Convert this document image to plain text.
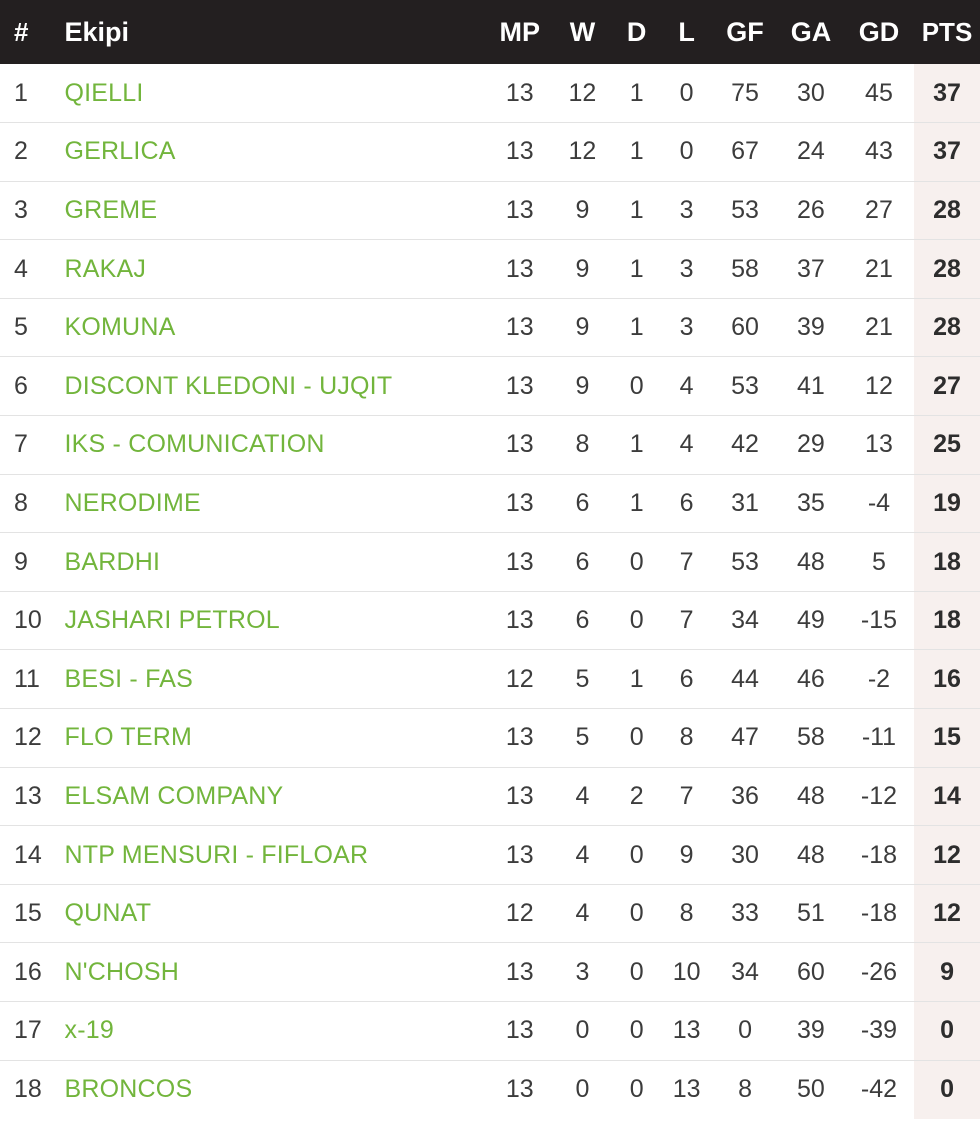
#	Ekipi	MP	W	D	L	GF	GA	GD	PTS
1	QIELLI	13	12	1	0	75	30	45	37
2	GERLICA	13	12	1	0	67	24	43	37
3	GREME	13	9	1	3	53	26	27	28
4	RAKAJ	13	9	1	3	58	37	21	28
5	KOMUNA	13	9	1	3	60	39	21	28
6	DISCONT KLEDONI - UJQIT	13	9	0	4	53	41	12	27
7	IKS - COMUNICATION	13	8	1	4	42	29	13	25
8	NERODIME	13	6	1	6	31	35	-4	19
9	BARDHI	13	6	0	7	53	48	5	18
10	JASHARI PETROL	13	6	0	7	34	49	-15	18
11	BESI - FAS	12	5	1	6	44	46	-2	16
12	FLO TERM	13	5	0	8	47	58	-11	15
13	ELSAM COMPANY	13	4	2	7	36	48	-12	14
14	NTP MENSURI - FIFLOAR	13	4	0	9	30	48	-18	12
15	QUNAT	12	4	0	8	33	51	-18	12
16	N'CHOSH	13	3	0	10	34	60	-26	9
17	x-19	13	0	0	13	0	39	-39	0
18	BRONCOS	13	0	0	13	8	50	-42	0
